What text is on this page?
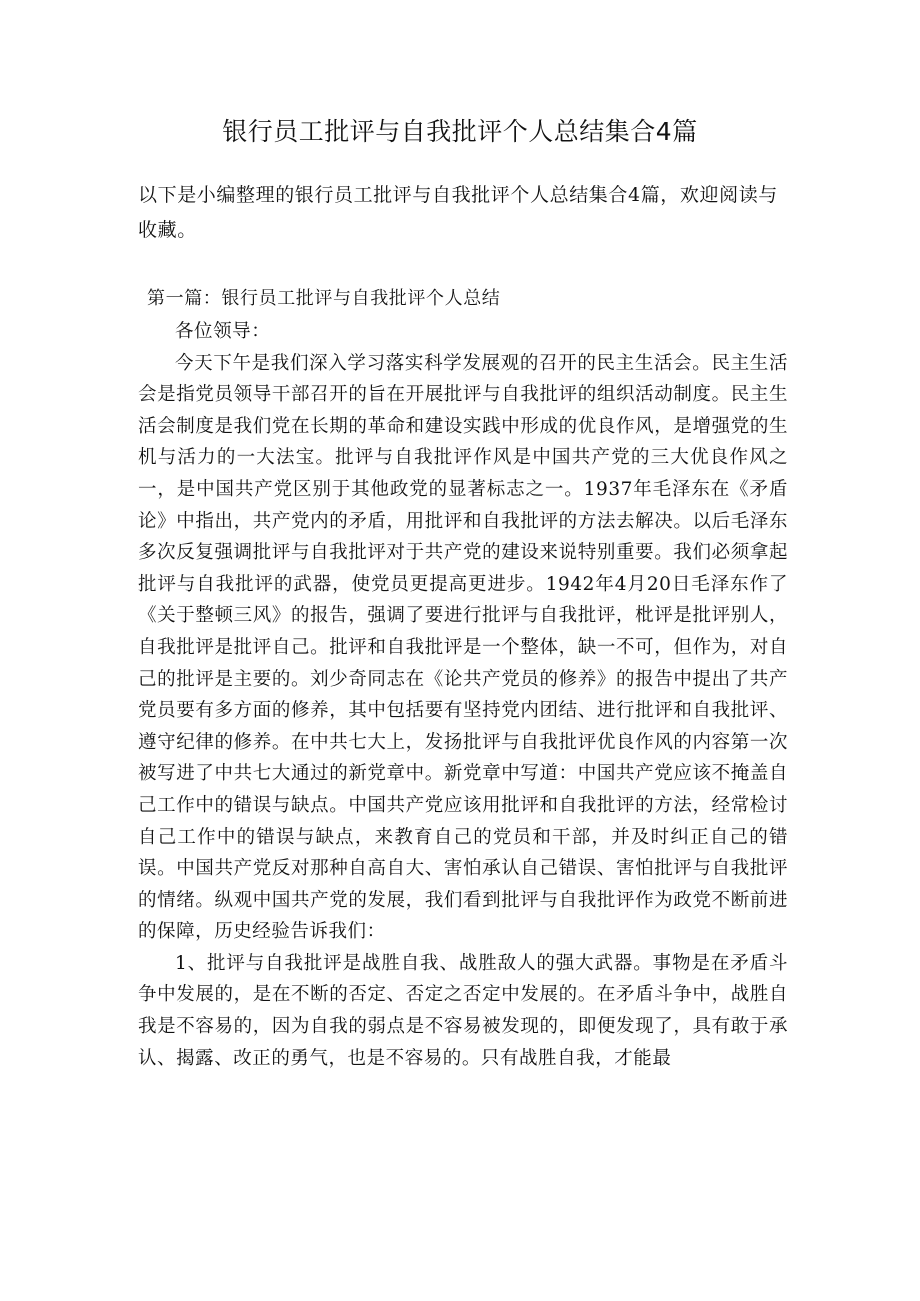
银行员工批评与自我批评个人总结集合4篇

以下是小编整理的银行员工批评与自我批评个人总结集合4篇，欢迎阅读与收藏。

第一篇：银行员工批评与自我批评个人总结

各位领导：

今天下午是我们深入学习落实科学发展观的召开的民主生活会。民主生活会是指党员领导干部召开的旨在开展批评与自我批评的组织活动制度。民主生活会制度是我们党在长期的革命和建设实践中形成的优良作风，是增强党的生机与活力的一大法宝。批评与自我批评作风是中国共产党的三大优良作风之一，是中国共产党区别于其他政党的显著标志之一。1937年毛泽东在《矛盾论》中指出，共产党内的矛盾，用批评和自我批评的方法去解决。以后毛泽东多次反复强调批评与自我批评对于共产党的建设来说特别重要。我们必须拿起批评与自我批评的武器，使党员更提高更进步。1942年4月20日毛泽东作了《关于整顿三风》的报告，强调了要进行批评与自我批评，枇评是批评别人，自我批评是批评自己。批评和自我批评是一个整体，缺一不可，但作为，对自己的批评是主要的。刘少奇同志在《论共产党员的修养》的报告中提出了共产党员要有多方面的修养，其中包括要有坚持党内团结、进行批评和自我批评、遵守纪律的修养。在中共七大上，发扬批评与自我批评优良作风的内容第一次被写进了中共七大通过的新党章中。新党章中写道：中国共产党应该不掩盖自己工作中的错误与缺点。中国共产党应该用批评和自我批评的方法，经常检讨自己工作中的错误与缺点，来教育自己的党员和干部，并及时纠正自己的错误。中国共产党反对那种自高自大、害怕承认自己错误、害怕批评与自我批评的情绪。纵观中国共产党的发展，我们看到批评与自我批评作为政党不断前进的保障，历史经验告诉我们：

1、批评与自我批评是战胜自我、战胜敌人的强大武器。事物是在矛盾斗争中发展的，是在不断的否定、否定之否定中发展的。在矛盾斗争中，战胜自我是不容易的，因为自我的弱点是不容易被发现的，即便发现了，具有敢于承认、揭露、改正的勇气，也是不容易的。只有战胜自我，才能最
